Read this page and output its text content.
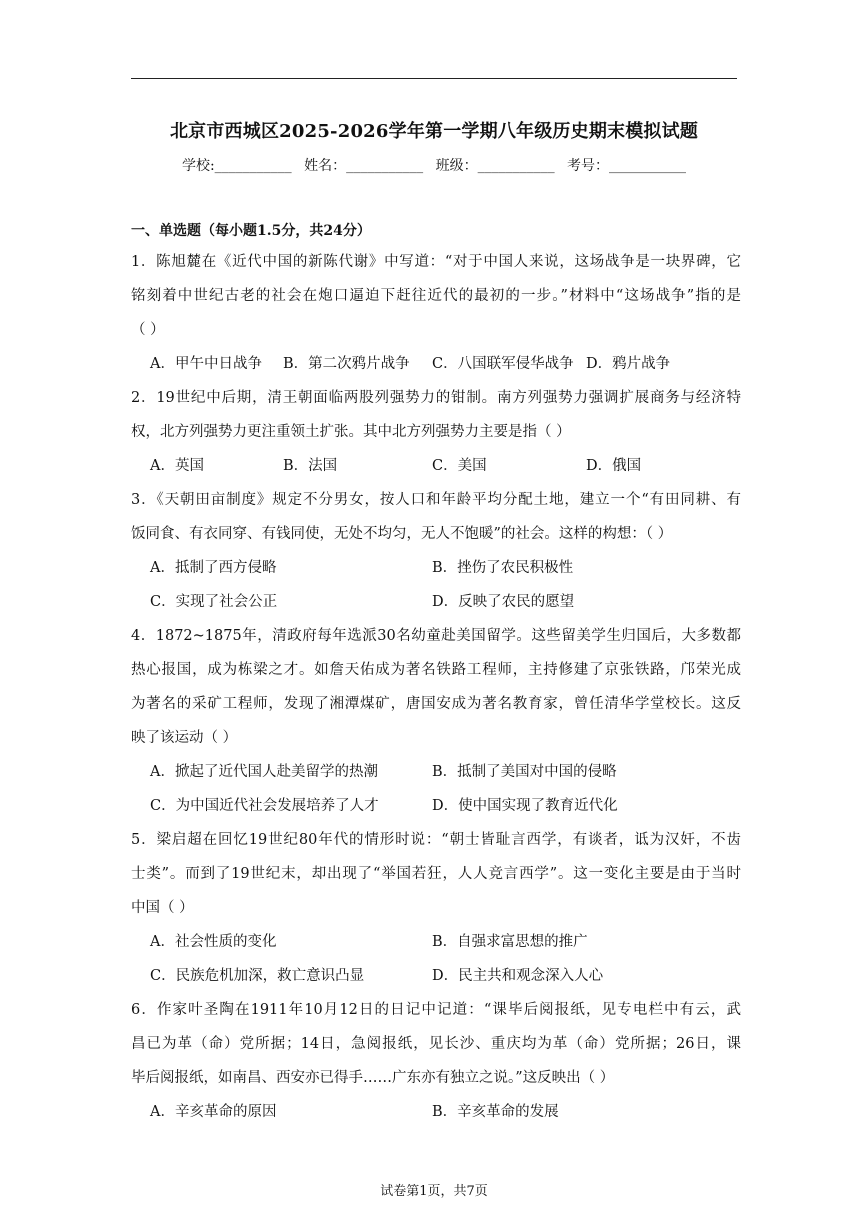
北京市西城区2025-2026学年第一学期八年级历史期末模拟试题
学校:___________ 姓名：___________ 班级：___________ 考号：___________
一、单选题（每小题1.5分，共24分）
1．陈旭麓在《近代中国的新陈代谢》中写道：“对于中国人来说，这场战争是一块界碑，它
铭刻着中世纪古老的社会在炮口逼迫下赶往近代的最初的一步。”材料中“这场战争”指的是
（ ）
A．甲午中日战争 B．第二次鸦片战争 C．八国联军侵华战争 D．鸦片战争
2．19世纪中后期，清王朝面临两股列强势力的钳制。南方列强势力强调扩展商务与经济特
权，北方列强势力更注重领土扩张。其中北方列强势力主要是指（ ）
A．英国	B．法国	C．美国	D．俄国
3．《天朝田亩制度》规定不分男女，按人口和年龄平均分配土地，建立一个“有田同耕、有
饭同食、有衣同穿、有钱同使，无处不均匀，无人不饱暖”的社会。这样的构想：（ ）
A．抵制了西方侵略	B．挫伤了农民积极性
C．实现了社会公正	D．反映了农民的愿望
4．1872~1875年，清政府每年选派30名幼童赴美国留学。这些留美学生归国后，大多数都
热心报国，成为栋梁之才。如詹天佑成为著名铁路工程师，主持修建了京张铁路，邝荣光成
为著名的采矿工程师，发现了湘潭煤矿，唐国安成为著名教育家，曾任清华学堂校长。这反
映了该运动（ ）
A．掀起了近代国人赴美留学的热潮	B．抵制了美国对中国的侵略
C．为中国近代社会发展培养了人才	D．使中国实现了教育近代化
5．梁启超在回忆19世纪80年代的情形时说：“朝士皆耻言西学，有谈者，诋为汉奸，不齿
士类”。而到了19世纪末，却出现了“举国若狂，人人竞言西学”。这一变化主要是由于当时
中国（ ）
A．社会性质的变化	B．自强求富思想的推广
C．民族危机加深，救亡意识凸显	D．民主共和观念深入人心
6．作家叶圣陶在1911年10月12日的日记中记道：“课毕后阅报纸，见专电栏中有云，武
昌已为革（命）党所据；14日，急阅报纸，见长沙、重庆均为革（命）党所据；26日，课
毕后阅报纸，如南昌、西安亦已得手……广东亦有独立之说。”这反映出（ ）
A．辛亥革命的原因	B．辛亥革命的发展
试卷第1页，共7页
